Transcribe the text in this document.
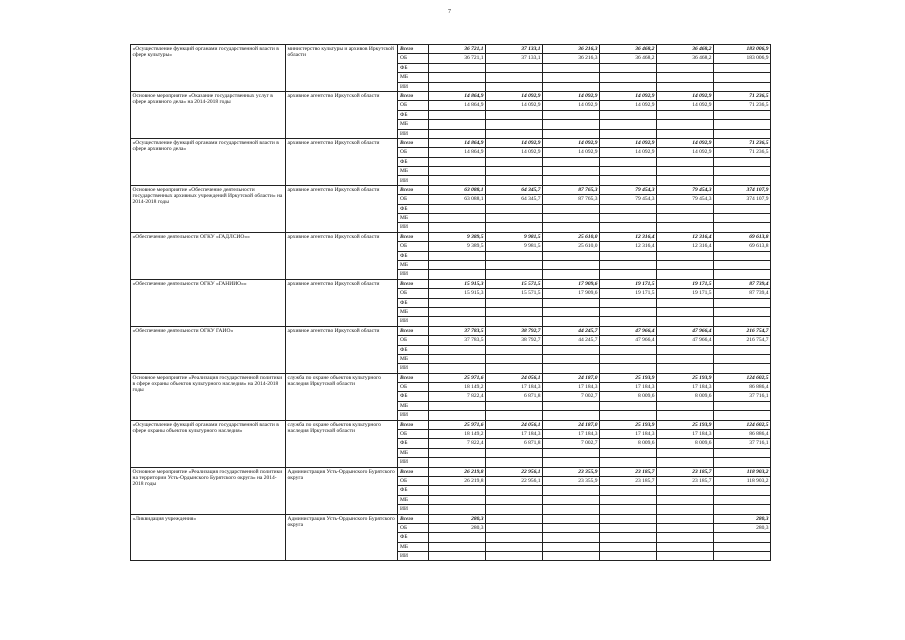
7
«Осуществление функций органами государственной власти в сфере культуры»	министерство культуры и архивов Иркутской области	Всего	36 721,1	37 133,1	36 216,3	36 468,2	36 468,2	183 006,9
		ОБ	36 721,1	37 133,1	36 216,3	36 468,2	36 468,2	183 006,9
		ФБ						
		МБ						
		ИИ						
Основное мероприятие «Оказание государственных услуг в сфере архивного дела» на 2014-2018 годы	архивное агентство Иркутской области	Всего	14 864,9	14 092,9	14 092,9	14 092,9	14 092,9	71 236,5
		ОБ	14 864,9	14 092,9	14 092,9	14 092,9	14 092,9	71 236,5
		ФБ						
		МБ						
		ИИ						
«Осуществление функций органами государственной власти в сфере архивного дела»	архивное агентство Иркутской области	Всего	14 864,9	14 092,9	14 092,9	14 092,9	14 092,9	71 236,5
		ОБ	14 864,9	14 092,9	14 092,9	14 092,9	14 092,9	71 236,5
		ФБ						
		МБ						
		ИИ						
Основное мероприятие «Обеспечение деятельности государственных архивных учреждений Иркутской области» на 2014-2018 годы	архивное агентство Иркутской области	Всего	63 088,1	64 345,7	87 765,3	79 454,3	79 454,3	374 107,9
		ОБ	63 088,1	64 345,7	87 765,3	79 454,3	79 454,3	374 107,9
		ФБ						
		МБ						
		ИИ						
«Обеспечение деятельности ОГКУ «ГАДЛСИО»»	архивное агентство Иркутской области	Всего	9 389,5	9 981,5	25 610,0	12 316,4	12 316,4	69 613,8
		ОБ	9 389,5	9 981,5	25 610,0	12 316,4	12 316,4	69 613,8
		ФБ						
		МБ						
		ИИ						
«Обеспечение деятельности ОГКУ «ГАНИИО»»	архивное агентство Иркутской области	Всего	15 915,3	15 571,5	17 909,6	19 171,5	19 171,5	87 739,4
		ОБ	15 915,3	15 571,5	17 909,6	19 171,5	19 171,5	87 739,4
		ФБ						
		МБ						
		ИИ						
«Обеспечение деятельности ОГКУ ГАИО»	архивное агентство Иркутской области	Всего	37 783,5	38 792,7	44 245,7	47 966,4	47 966,4	216 754,7
		ОБ	37 783,5	38 792,7	44 245,7	47 966,4	47 966,4	216 754,7
		ФБ						
		МБ						
		ИИ						
Основное мероприятие «Реализация государственной политики в сфере охраны объектов культурного наследия» на 2014-2018 годы	служба по охране объектов культурного наследия Иркутской области	Всего	25 971,6	24 056,1	24 187,0	25 193,9	25 193,9	124 602,5
		ОБ	18 149,2	17 184,3	17 184,3	17 184,3	17 184,3	86 886,4
		ФБ	7 822,4	6 871,8	7 002,7	8 009,6	8 009,6	37 716,1
		МБ						
		ИИ						
«Осуществление функций органами государственной власти в сфере охраны объектов культурного наследия»	служба по охране объектов культурного наследия Иркутской области	Всего	25 971,6	24 056,1	24 187,0	25 193,9	25 193,9	124 602,5
		ОБ	18 149,2	17 184,3	17 184,3	17 184,3	17 184,3	86 886,4
		ФБ	7 822,4	6 871,8	7 002,7	8 009,6	8 009,6	37 716,1
		МБ						
		ИИ						
Основное мероприятие «Реализация государственной политики на территории Усть-Ордынского Бурятского округа» на 2014-2018 годы	Администрация Усть-Ордынского Бурятского округа	Всего	26 219,8	22 956,1	23 355,9	23 185,7	23 185,7	118 903,2
		ОБ	26 219,8	22 956,1	23 355,9	23 185,7	23 185,7	118 903,2
		ФБ						
		МБ						
		ИИ						
«Ликвидация учреждения»	Администрация Усть-Ордынского Бурятского округа	Всего	280,3					280,3
		ОБ	280,3					280,3
		ФБ						
		МБ						
		ИИ						
